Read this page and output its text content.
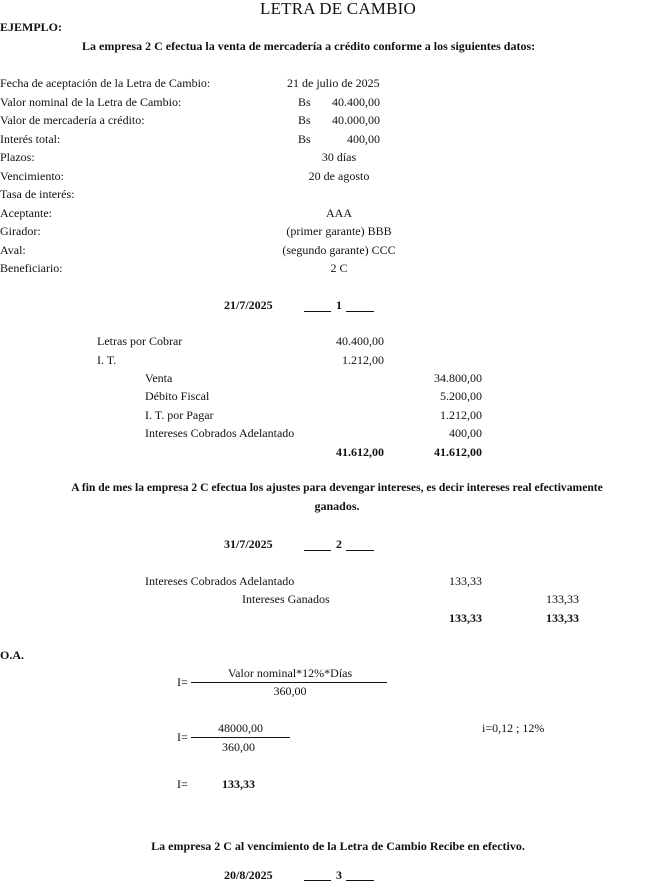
LETRA DE CAMBIO
EJEMPLO:
La empresa 2 C efectua la venta de mercadería a crédito conforme a los siguientes datos:
Fecha de aceptación de la Letra de Cambio:	21 de julio de 2025
Valor nominal de la Letra de Cambio:	Bs 40.400,00
Valor de mercadería a crédito:	Bs 40.000,00
Interés total:	Bs	400,00
Plazos:	30 días
Vencimiento:	20 de agosto
Tasa de interés:
Aceptante:	AAA
Girador:	(primer garante) BBB
Aval:	(segundo garante) CCC
Beneficiario:	2 C
21/7/2025	1
Letras por Cobrar	40.400,00
I. T.	1.212,00
Venta	34.800,00
Débito Fiscal	5.200,00
I. T. por Pagar	1.212,00
Intereses Cobrados Adelantado	400,00
41.612,00	41.612,00
A fin de mes la empresa 2 C efectua los ajustes para devengar intereses, es decir intereses real efectivamente
ganados.
31/7/2025	2
Intereses Cobrados Adelantado	133,33
Intereses Ganados	133,33
133,33	133,33
O.A.
I=
Valor nominal*12%*Días
360,00
I=
48000,00
360,00
i=0,12 ; 12%
I=	133,33
La empresa 2 C al vencimiento de la Letra de Cambio Recibe en efectivo.
20/8/2025	3
